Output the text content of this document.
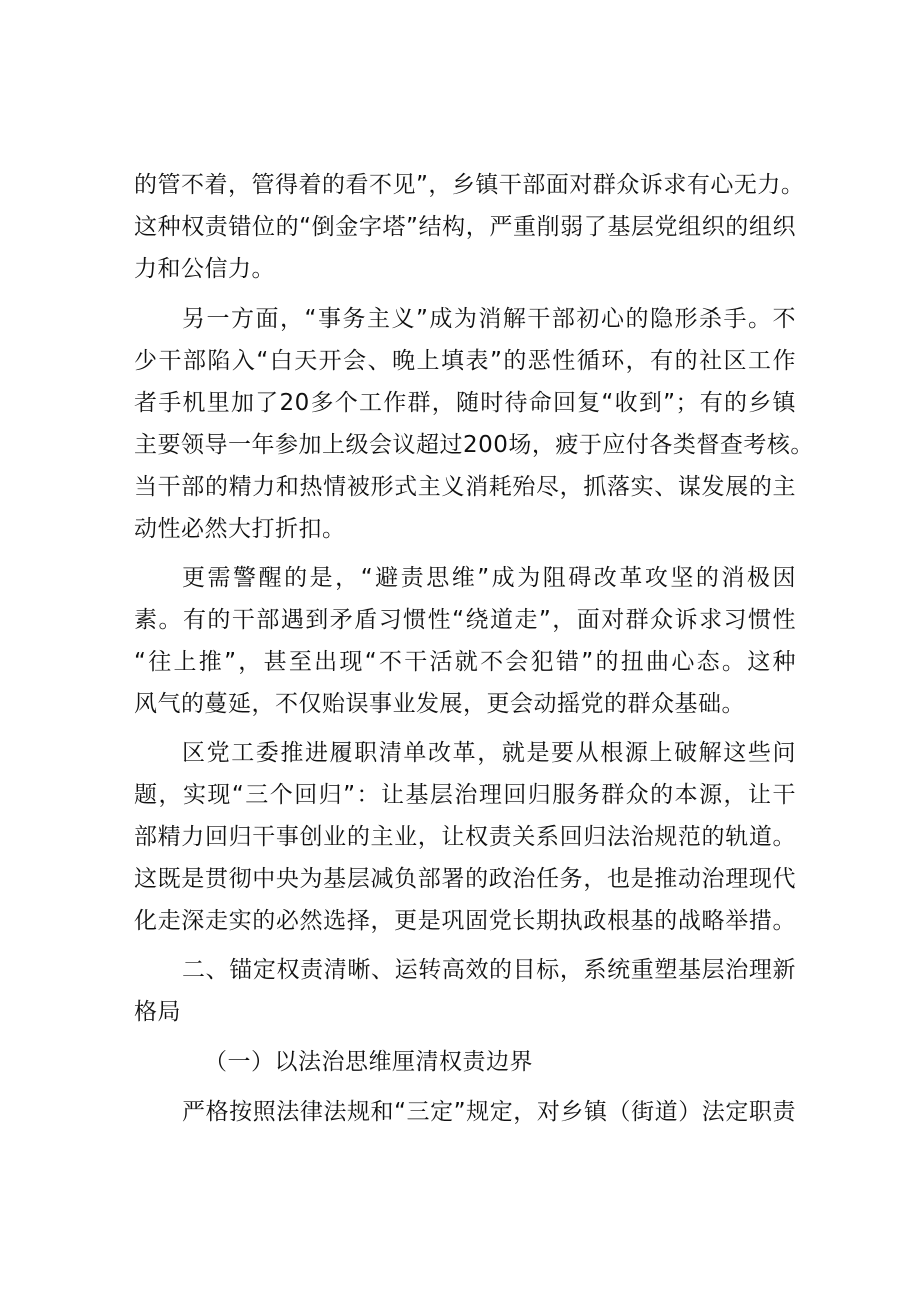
的管不着，管得着的看不见”，乡镇干部面对群众诉求有心无力。
这种权责错位的“倒金字塔”结构，严重削弱了基层党组织的组织
力和公信力。
另一方面，“事务主义”成为消解干部初心的隐形杀手。不
少干部陷入“白天开会、晚上填表”的恶性循环，有的社区工作
者手机里加了20多个工作群，随时待命回复“收到”；有的乡镇
主要领导一年参加上级会议超过200场，疲于应付各类督查考核。
当干部的精力和热情被形式主义消耗殆尽，抓落实、谋发展的主
动性必然大打折扣。
更需警醒的是，“避责思维”成为阻碍改革攻坚的消极因
素。有的干部遇到矛盾习惯性“绕道走”，面对群众诉求习惯性
“往上推”，甚至出现“不干活就不会犯错”的扭曲心态。这种
风气的蔓延，不仅贻误事业发展，更会动摇党的群众基础。
区党工委推进履职清单改革，就是要从根源上破解这些问
题，实现“三个回归”：让基层治理回归服务群众的本源，让干
部精力回归干事创业的主业，让权责关系回归法治规范的轨道。
这既是贯彻中央为基层减负部署的政治任务，也是推动治理现代
化走深走实的必然选择，更是巩固党长期执政根基的战略举措。
二、锚定权责清晰、运转高效的目标，系统重塑基层治理新
格局
（一）以法治思维厘清权责边界
严格按照法律法规和“三定”规定，对乡镇（街道）法定职责
